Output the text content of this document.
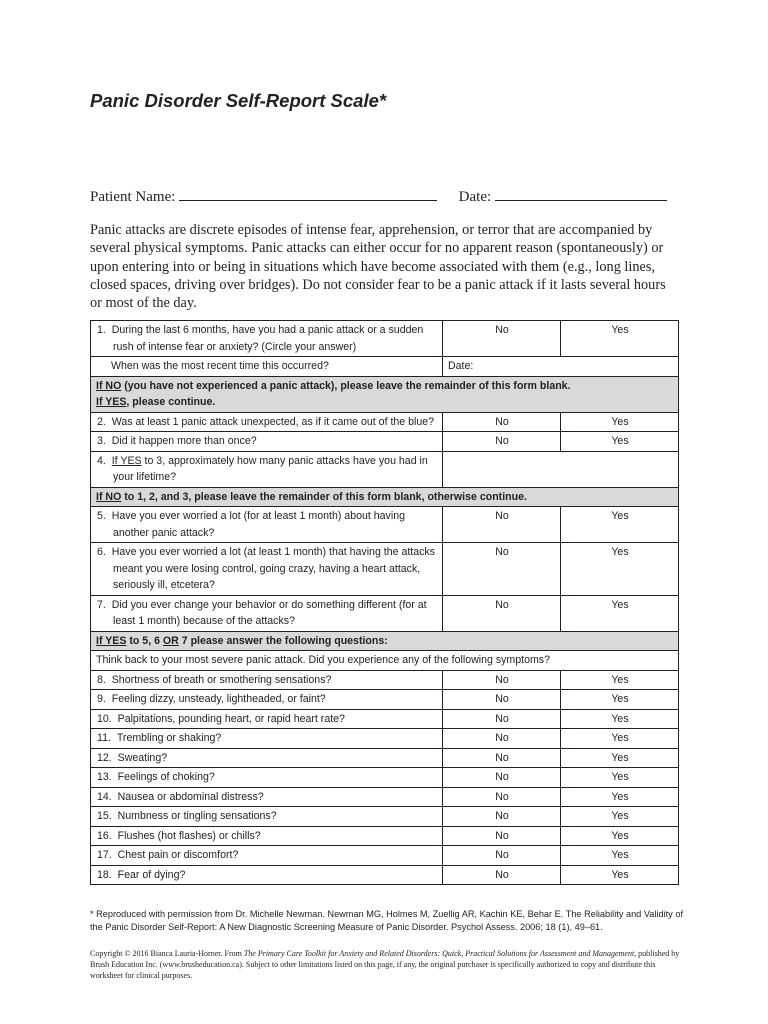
Panic Disorder Self-Report Scale*
Patient Name:	Date:

Panic attacks are discrete episodes of intense fear, apprehension, or terror that are accompanied by several physical symptoms. Panic attacks can either occur for no apparent reason (spontaneously) or upon entering into or being in situations which have become associated with them (e.g., long lines, closed spaces, driving over bridges). Do not consider fear to be a panic attack if it lasts several hours or most of the day.

1. During the last 6 months, have you had a panic attack or a sudden rush of intense fear or anxiety? (Circle your answer)	No	Yes
When was the most recent time this occurred?	Date:	
If NO (you have not experienced a panic attack), please leave the remainder of this form blank.
If YES, please continue.		
2. Was at least 1 panic attack unexpected, as if it came out of the blue?	No	Yes
3. Did it happen more than once?	No	Yes
4. If YES to 3, approximately how many panic attacks have you had in your lifetime?		
If NO to 1, 2, and 3, please leave the remainder of this form blank, otherwise continue.		
5. Have you ever worried a lot (for at least 1 month) about having another panic attack?	No	Yes
6. Have you ever worried a lot (at least 1 month) that having the attacks meant you were losing control, going crazy, having a heart attack, seriously ill, etcetera?	No	Yes
7. Did you ever change your behavior or do something different (for at least 1 month) because of the attacks?	No	Yes
If YES to 5, 6 OR 7 please answer the following questions:		
Think back to your most severe panic attack. Did you experience any of the following symptoms?		
8. Shortness of breath or smothering sensations?	No	Yes
9. Feeling dizzy, unsteady, lightheaded, or faint?	No	Yes
10. Palpitations, pounding heart, or rapid heart rate?	No	Yes
11. Trembling or shaking?	No	Yes
12. Sweating?	No	Yes
13. Feelings of choking?	No	Yes
14. Nausea or abdominal distress?	No	Yes
15. Numbness or tingling sensations?	No	Yes
16. Flushes (hot flashes) or chills?	No	Yes
17. Chest pain or discomfort?	No	Yes
18. Fear of dying?	No	Yes

* Reproduced with permission from Dr. Michelle Newman. Newman MG, Holmes M, Zuellig AR, Kachin KE, Behar E. The Reliability and Validity of the Panic Disorder Self-Report: A New Diagnostic Screening Measure of Panic Disorder. Psychol Assess. 2006; 18 (1), 49–61.

Copyright © 2016 Bianca Lauria-Horner. From The Primary Care Toolkit for Anxiety and Related Disorders: Quick, Practical Solutions for Assessment and Management, published by Brush Education Inc. (www.brusheducation.ca). Subject to other limitations listed on this page, if any, the original purchaser is specifically authorized to copy and distribute this worksheet for clinical purposes.
